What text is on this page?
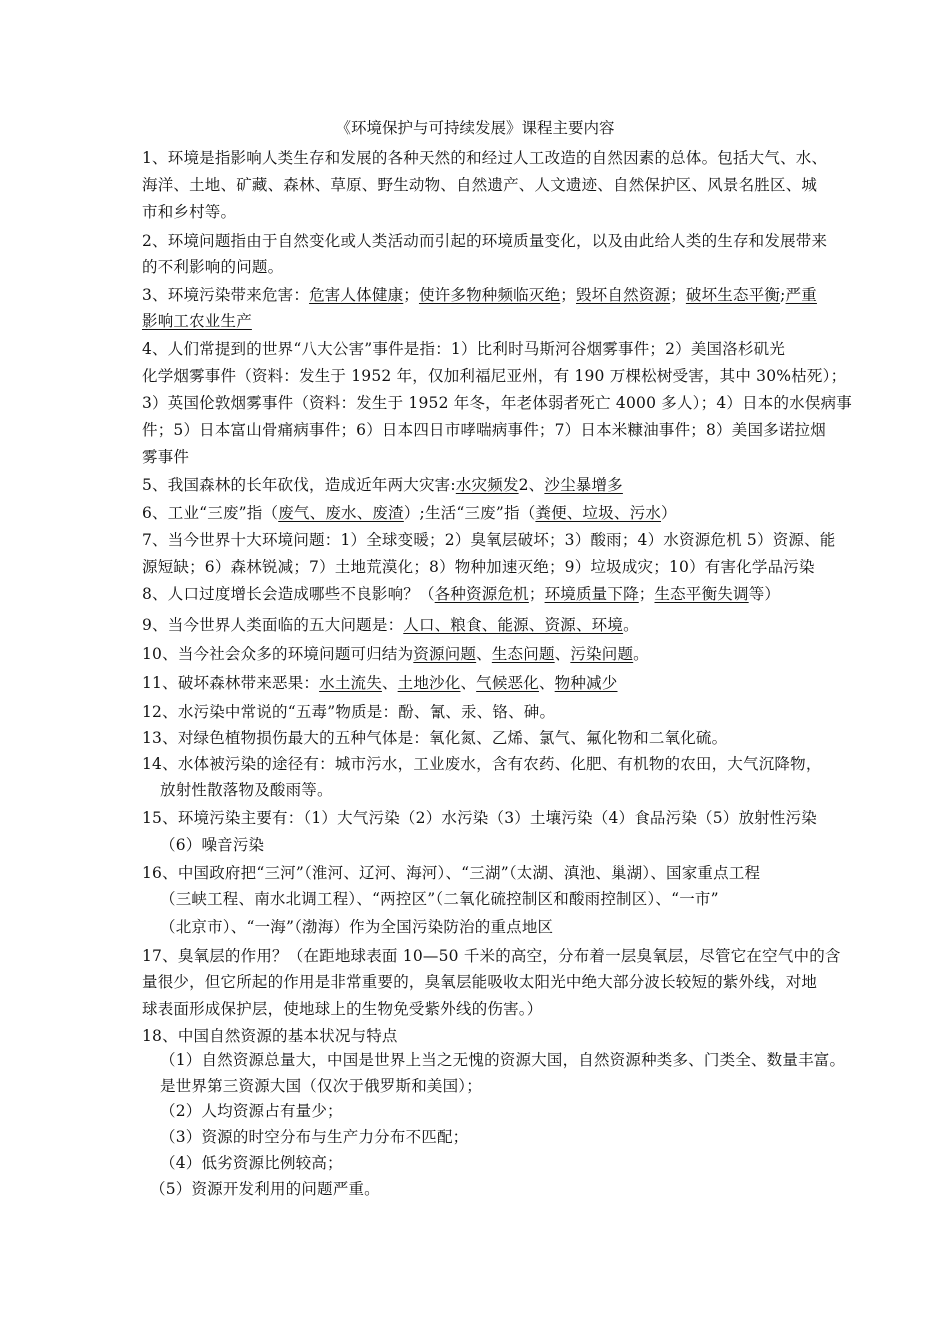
《环境保护与可持续发展》课程主要内容
1、环境是指影响人类生存和发展的各种天然的和经过人工改造的自然因素的总体。包括大气、水、
海洋、土地、矿藏、森林、草原、野生动物、自然遗产、人文遗迹、自然保护区、风景名胜区、城
市和乡村等。
2、环境问题指由于自然变化或人类活动而引起的环境质量变化，以及由此给人类的生存和发展带来
的不利影响的问题。
3、环境污染带来危害：危害人体健康；使许多物种频临灭绝；毁坏自然资源；破坏生态平衡;严重
影响工农业生产
4、人们常提到的世界“八大公害”事件是指：1）比利时马斯河谷烟雾事件；2）美国洛杉矶光
化学烟雾事件（资料：发生于 1952 年，仅加利福尼亚州，有 190 万棵松树受害，其中 30%枯死）；
3）英国伦敦烟雾事件（资料：发生于 1952 年冬，年老体弱者死亡 4000 多人）；4）日本的水俣病事
件；5）日本富山骨痛病事件；6）日本四日市哮喘病事件；7）日本米糠油事件；8）美国多诺拉烟
雾事件
5、我国森林的长年砍伐，造成近年两大灾害:水灾频发2、沙尘暴增多
6、工业“三废”指（废气、废水、废渣）;生活“三废”指（粪便、垃圾、污水）
7、当今世界十大环境问题：1）全球变暖；2）臭氧层破坏；3）酸雨；4）水资源危机 5）资源、能
源短缺；6）森林锐减；7）土地荒漠化；8）物种加速灭绝；9）垃圾成灾；10）有害化学品污染
8、人口过度增长会造成哪些不良影响？（各种资源危机；环境质量下降；生态平衡失调等）
9、当今世界人类面临的五大问题是：人口、粮食、能源、资源、环境。
10、当今社会众多的环境问题可归结为资源问题、生态问题、污染问题。
11、破坏森林带来恶果：水土流失、土地沙化、气候恶化、物种减少
12、水污染中常说的“五毒”物质是：酚、氰、汞、铬、砷。
13、对绿色植物损伤最大的五种气体是：氧化氮、乙烯、氯气、氟化物和二氧化硫。
14、水体被污染的途径有：城市污水，工业废水，含有农药、化肥、有机物的农田，大气沉降物，
放射性散落物及酸雨等。
15、环境污染主要有：（1）大气污染（2）水污染（3）土壤污染（4）食品污染（5）放射性污染
（6）噪音污染
16、中国政府把“三河”（淮河、辽河、海河）、“三湖”（太湖、滇池、巢湖）、国家重点工程
（三峡工程、南水北调工程）、“两控区”（二氧化硫控制区和酸雨控制区）、“一市”
（北京市）、“一海”（渤海）作为全国污染防治的重点地区
17、臭氧层的作用？（在距地球表面 10—50 千米的高空，分布着一层臭氧层，尽管它在空气中的含
量很少，但它所起的作用是非常重要的，臭氧层能吸收太阳光中绝大部分波长较短的紫外线，对地
球表面形成保护层，使地球上的生物免受紫外线的伤害。）
18、中国自然资源的基本状况与特点
（1）自然资源总量大，中国是世界上当之无愧的资源大国，自然资源种类多、门类全、数量丰富。
是世界第三资源大国（仅次于俄罗斯和美国）；
（2）人均资源占有量少；
（3）资源的时空分布与生产力分布不匹配；
（4）低劣资源比例较高；
（5）资源开发利用的问题严重。
